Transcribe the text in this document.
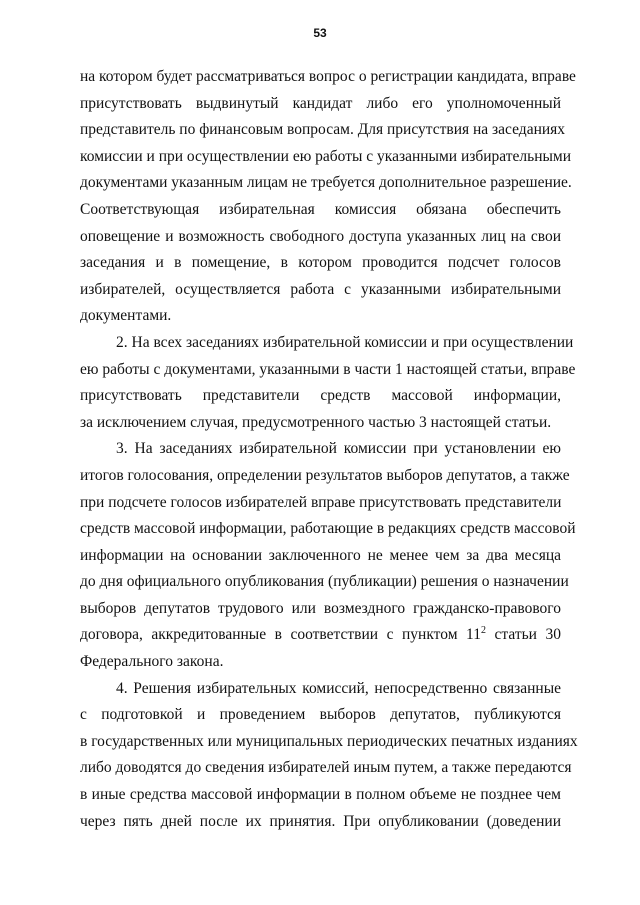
53
на котором будет рассматриваться вопрос о регистрации кандидата, вправе
присутствовать выдвинутый кандидат либо его уполномоченный
представитель по финансовым вопросам. Для присутствия на заседаниях
комиссии и при осуществлении ею работы с указанными избирательными
документами указанным лицам не требуется дополнительное разрешение.
Соответствующая избирательная комиссия обязана обеспечить
оповещение и возможность свободного доступа указанных лиц на свои
заседания и в помещение, в котором проводится подсчет голосов
избирателей, осуществляется работа с указанными избирательными
документами.
2. На всех заседаниях избирательной комиссии и при осуществлении
ею работы с документами, указанными в части 1 настоящей статьи, вправе
присутствовать представители средств массовой информации,
за исключением случая, предусмотренного частью 3 настоящей статьи.
3. На заседаниях избирательной комиссии при установлении ею
итогов голосования, определении результатов выборов депутатов, а также
при подсчете голосов избирателей вправе присутствовать представители
средств массовой информации, работающие в редакциях средств массовой
информации на основании заключенного не менее чем за два месяца
до дня официального опубликования (публикации) решения о назначении
выборов депутатов трудового или возмездного гражданско-правового
договора, аккредитованные в соответствии с пунктом $11^2$ статьи 30
Федерального закона.
4. Решения избирательных комиссий, непосредственно связанные
с подготовкой и проведением выборов депутатов, публикуются
в государственных или муниципальных периодических печатных изданиях
либо доводятся до сведения избирателей иным путем, а также передаются
в иные средства массовой информации в полном объеме не позднее чем
через пять дней после их принятия. При опубликовании (доведении
